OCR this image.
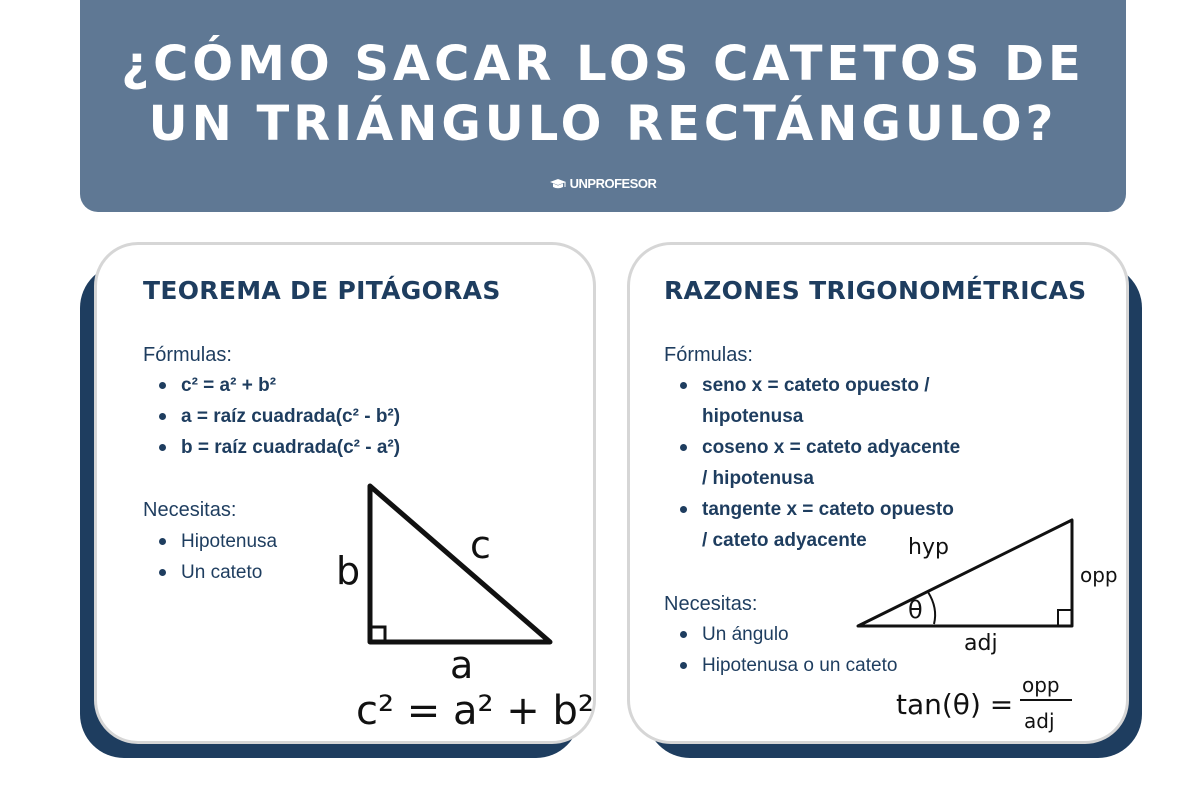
¿CÓMO SACAR LOS CATETOS DE
UN TRIÁNGULO RECTÁNGULO?
UNPROFESOR
TEOREMA DE PITÁGORAS
Fórmulas:
c² = a² + b²
a = raíz cuadrada(c² - b²)
b = raíz cuadrada(c² - a²)
Necesitas:
Hipotenusa
Un cateto	b
c
a
c² = a² + b²
RAZONES TRIGONOMÉTRICAS
Fórmulas:
seno x = cateto opuesto /
hipotenusa
coseno x = cateto adyacente
/ hipotenusa
tangente x = cateto opuesto
/ cateto adyacente
Necesitas:
Un ángulo
Hipotenusa o un cateto
θ
hyp
opp
adj
tan(θ) =
opp
adj
